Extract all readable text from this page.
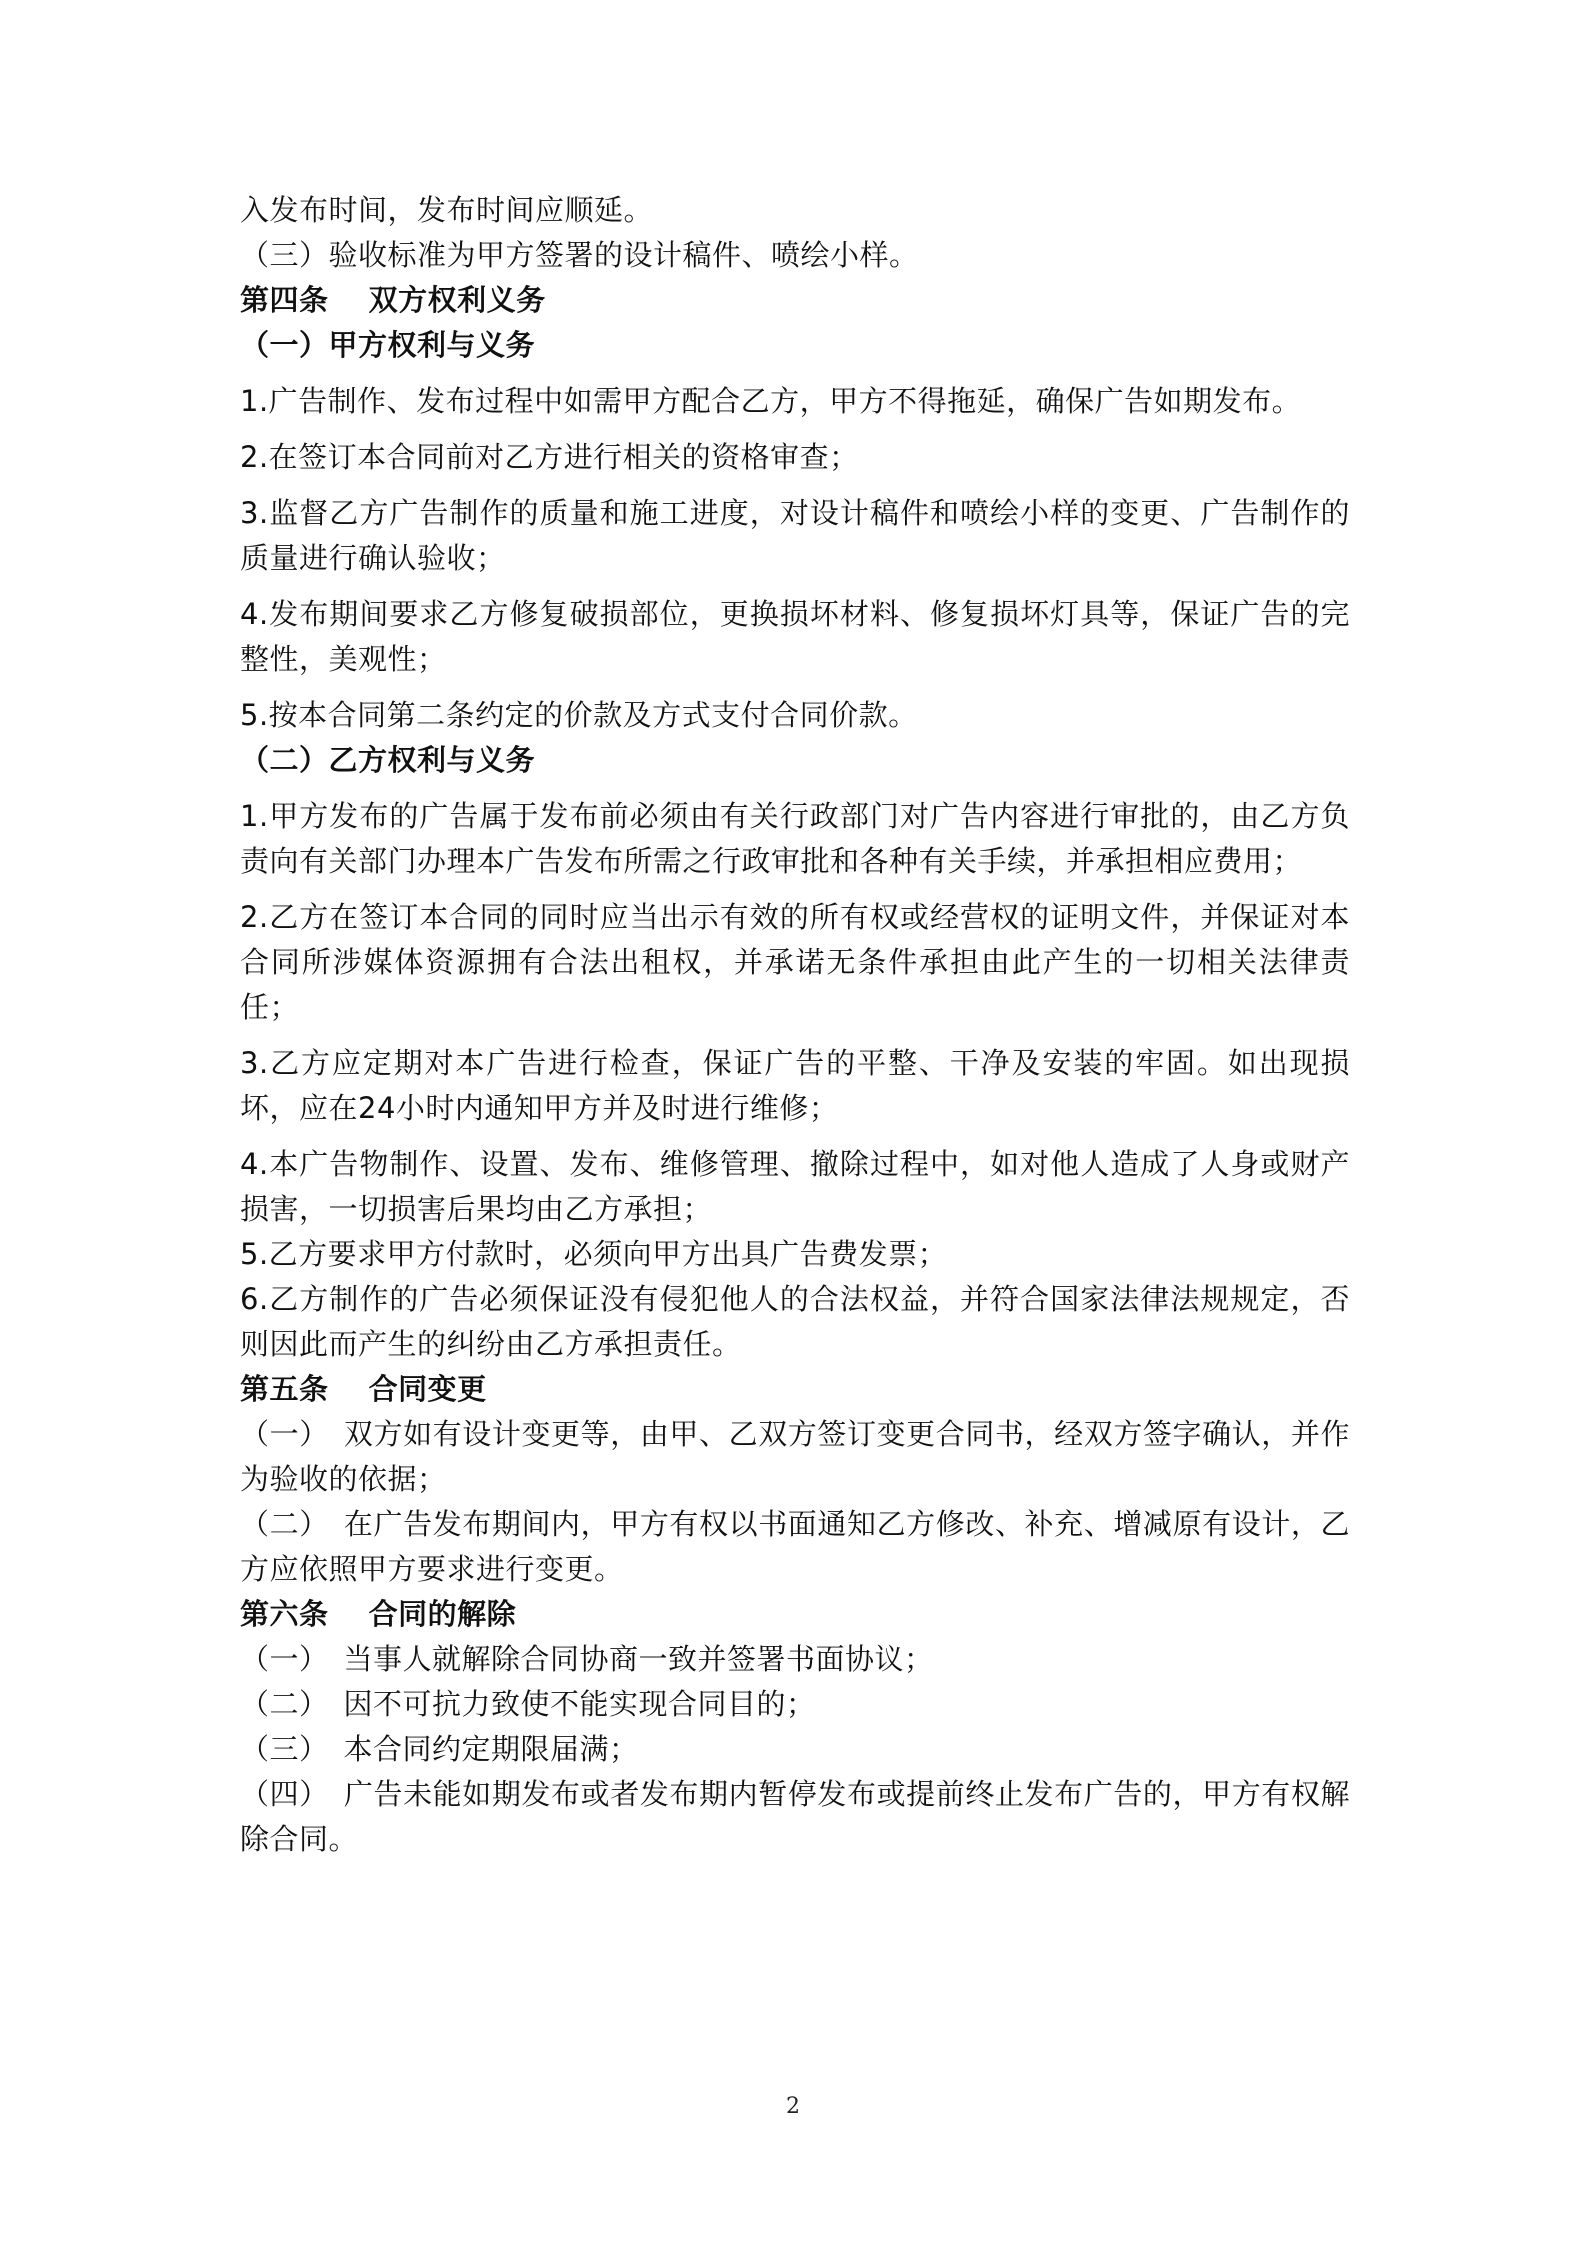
入发布时间，发布时间应顺延。

（三）验收标准为甲方签署的设计稿件、喷绘小样。

第四条　 双方权利义务

（一）甲方权利与义务

1.广告制作、发布过程中如需甲方配合乙方，甲方不得拖延，确保广告如期发布。

2.在签订本合同前对乙方进行相关的资格审查；

3.监督乙方广告制作的质量和施工进度，对设计稿件和喷绘小样的变更、广告制作的质量进行确认验收；

4.发布期间要求乙方修复破损部位，更换损坏材料、修复损坏灯具等，保证广告的完整性，美观性；

5.按本合同第二条约定的价款及方式支付合同价款。

（二）乙方权利与义务

1.甲方发布的广告属于发布前必须由有关行政部门对广告内容进行审批的，由乙方负责向有关部门办理本广告发布所需之行政审批和各种有关手续，并承担相应费用；

2.乙方在签订本合同的同时应当出示有效的所有权或经营权的证明文件，并保证对本合同所涉媒体资源拥有合法出租权，并承诺无条件承担由此产生的一切相关法律责任；

3.乙方应定期对本广告进行检查，保证广告的平整、干净及安装的牢固。如出现损坏，应在24小时内通知甲方并及时进行维修；

4.本广告物制作、设置、发布、维修管理、撤除过程中，如对他人造成了人身或财产损害，一切损害后果均由乙方承担；

5.乙方要求甲方付款时，必须向甲方出具广告费发票；

6.乙方制作的广告必须保证没有侵犯他人的合法权益，并符合国家法律法规规定，否则因此而产生的纠纷由乙方承担责任。

第五条　 合同变更

（一）　双方如有设计变更等，由甲、乙双方签订变更合同书，经双方签字确认，并作为验收的依据；

（二）　在广告发布期间内，甲方有权以书面通知乙方修改、补充、增减原有设计，乙方应依照甲方要求进行变更。

第六条　 合同的解除

（一）　当事人就解除合同协商一致并签署书面协议；

（二）　因不可抗力致使不能实现合同目的；

（三）　本合同约定期限届满；

（四）　广告未能如期发布或者发布期内暂停发布或提前终止发布广告的，甲方有权解除合同。

2
